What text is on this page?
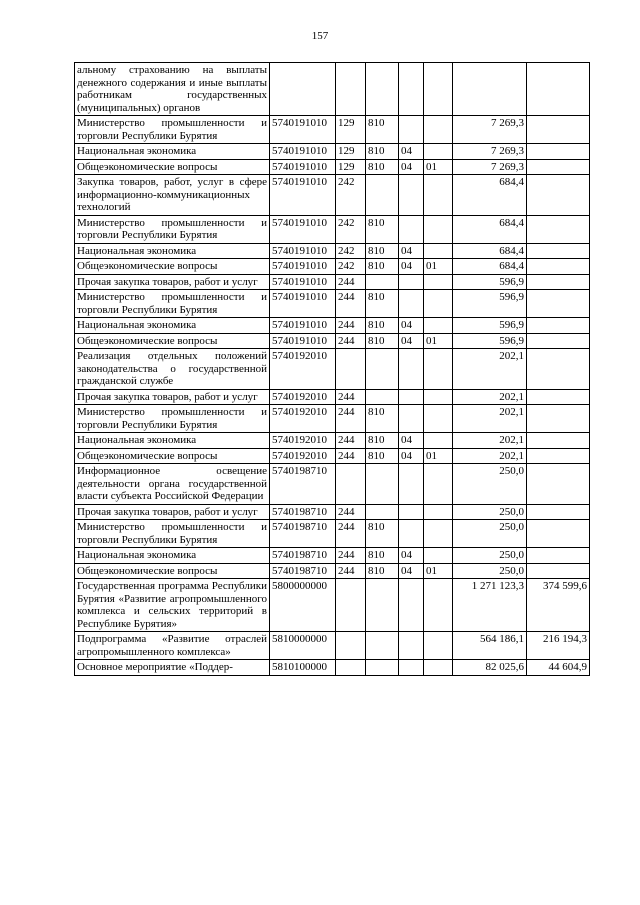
157
альному страхованию на выплаты денежного содержания и иные выплаты работникам государственных (муниципальных) органов							
Министерство промышленности и торговли Республики Бурятия	5740191010	129	810			7 269,3	
Национальная экономика	5740191010	129	810	04		7 269,3	
Общеэкономические вопросы	5740191010	129	810	04	01	7 269,3	
Закупка товаров, работ, услуг в сфере информационно-коммуникационных технологий	5740191010	242				684,4	
Министерство промышленности и торговли Республики Бурятия	5740191010	242	810			684,4	
Национальная экономика	5740191010	242	810	04		684,4	
Общеэкономические вопросы	5740191010	242	810	04	01	684,4	
Прочая закупка товаров, работ и услуг	5740191010	244				596,9	
Министерство промышленности и торговли Республики Бурятия	5740191010	244	810			596,9	
Национальная экономика	5740191010	244	810	04		596,9	
Общеэкономические вопросы	5740191010	244	810	04	01	596,9	
Реализация отдельных положений законодательства о государственной гражданской службе	5740192010					202,1	
Прочая закупка товаров, работ и услуг	5740192010	244				202,1	
Министерство промышленности и торговли Республики Бурятия	5740192010	244	810			202,1	
Национальная экономика	5740192010	244	810	04		202,1	
Общеэкономические вопросы	5740192010	244	810	04	01	202,1	
Информационное освещение деятельности органа государственной власти субъекта Российской Федерации	5740198710					250,0	
Прочая закупка товаров, работ и услуг	5740198710	244				250,0	
Министерство промышленности и торговли Республики Бурятия	5740198710	244	810			250,0	
Национальная экономика	5740198710	244	810	04		250,0	
Общеэкономические вопросы	5740198710	244	810	04	01	250,0	
Государственная программа Республики Бурятия «Развитие агропромышленного комплекса и сельских территорий в Республике Бурятия»	5800000000					1 271 123,3	374 599,6
Подпрограмма «Развитие отраслей агропромышленного комплекса»	5810000000					564 186,1	216 194,3
Основное мероприятие «Поддер-	5810100000					82 025,6	44 604,9
